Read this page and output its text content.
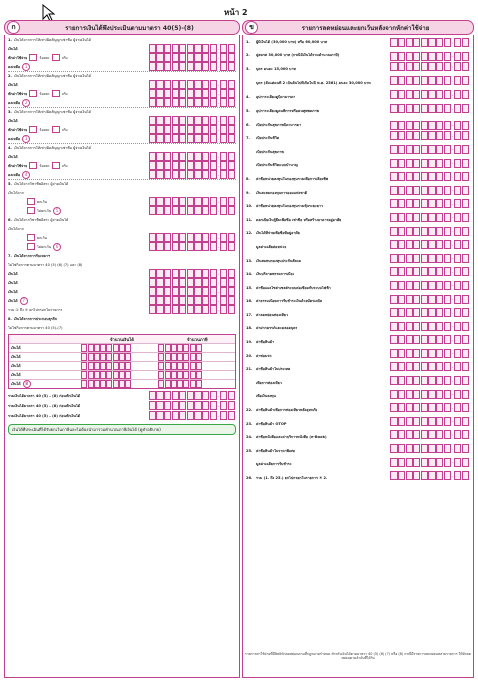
หน้า 2
ก	รายการเงินได้พึงประเมินตามมาตรา 40(5)-(8)
1. เงินได้จากการให้เช่า/ผิดสัญญาเช่าซื้อ ผู้จ่ายเงินได้
เงินได้	.
หักค่าใช้จ่าย	ร้อยละ	จริง	.
คงเหลือ	1	.
2. เงินได้จากการให้เช่า/ผิดสัญญาเช่าซื้อ ผู้จ่ายเงินได้
เงินได้	.
หักค่าใช้จ่าย	ร้อยละ	จริง	.
คงเหลือ	2	.
3. เงินได้จากการให้เช่า/ผิดสัญญาเช่าซื้อ ผู้จ่ายเงินได้
เงินได้	.
หักค่าใช้จ่าย	ร้อยละ	จริง	.
คงเหลือ	3	.
4. เงินได้จากการให้เช่า/ผิดสัญญาเช่าซื้อ ผู้จ่ายเงินได้
เงินได้	.
หักค่าใช้จ่าย	ร้อยละ	จริง	.
คงเหลือ	4	.
5. เงินได้จากวิชาชีพอิสระ ผู้จ่ายเงินได้
เงินได้จาก
ยกเว้น	.
ไม่ยกเว้น	5	.
6. เงินได้จากวิชาชีพอิสระ ผู้จ่ายเงินได้
เงินได้จาก
ยกเว้น	.
ไม่ยกเว้น	6	.
7. เงินได้จากการรับเหมาฯ
ไม่ใช่กิจการตามมาตรา 40 (5) (6) (7) และ (8)
เงินได้	.
เงินได้	.
เงินได้	.
เงินได้	7	.
รวม ① ถึง ⑦ ยกไปกรอกในรายการ	.
8. เงินได้จากการประกอบธุรกิจ
ไม่ใช่กิจการตามมาตรา 40 (5)-(7)
จำนวนเงินได้	จำนวนภาษี
เงินได้
เงินได้
เงินได้
เงินได้
เงินได้ 8
รวมเงินได้มาตรา 40 (5) – (8) ก่อนหักเงินได้	.
รวมเงินได้มาตรา 40 (5) – (8) ก่อนหักเงินได้	.
รวมเงินได้มาตรา 40 (5) – (8) ก่อนหักเงินได้	.
เงินได้ที่ประเมินที่ได้รับยกเว้นภาษีและไม่ต้องนำมารวมคำนวณภาษีเงินได้ (ดูคำอธิบาย)
ข	รายการลดหย่อนและยกเว้นหลังจากหักค่าใช้จ่าย
1.	ผู้มีเงินได้ (30,000 บาท) หรือ 60,000 บาท	.
2.	คู่สมรส 30,000 บาท (กรณีมีเงินได้รวมคำนวณภาษี)	.
3.	บุตร คนละ 15,000 บาท	.
บุตร (ตั้งแต่คนที่ 2 เป็นต้นไปที่เกิดในปี พ.ศ. 2561) คนละ 30,000 บาท	.
4.	อุปการะเลี้ยงดูบิดามารดา	.
5.	อุปการะเลี้ยงดูคนพิการหรือคนทุพพลภาพ	.
6.	เบี้ยประกันสุขภาพบิดามารดา	.
7.	เบี้ยประกันชีวิต	.
เบี้ยประกันสุขภาพ	.
เบี้ยประกันชีวิตแบบบำนาญ	.
8.	ค่าซื้อหน่วยลงทุนในกองทุนรวมเพื่อการเลี้ยงชีพ	.
9.	เงินสะสมกองทุนการออมแห่งชาติ	.
10.	ค่าซื้อหน่วยลงทุนในกองทุนรวมหุ้นระยะยาว	.
11.	ดอกเบี้ยเงินกู้ยืมเพื่อซื้อ เช่าซื้อ หรือสร้างอาคารอยู่อาศัย	.
12.	เงินได้ที่จ่ายเพื่อซื้อที่อยู่อาศัย	.
มูลค่าเฉลี่ยต่อหน่วย	.
13.	เงินสมทบกองทุนประกันสังคม	.
14.	เงินบริจาคพรรคการเมือง	.
15.	ค่าซื้อแผงโซล่าเซลล์ระบบต่อเชื่อมกับระบบไฟฟ้า	.
16.	ค่าธรรมเนียมการรับชำระเงินด้วยบัตรเดบิต	.
17.	ค่าลดหย่อนท่องเที่ยว	.
18.	ค่าฝากครรภ์และคลอดบุตร	.
19.	ค่าซื้อสินค้า	.
20.	ค่าซ่อมรถ	.
21.	ค่าซื้อสินค้าในประเทศ	.
เพื่อการท่องเที่ยว	.
เพื่อเงินลงทุน	.
22.	ค่าซื้อสินค้าเพื่อการท่องเที่ยวหลังอุทกภัย	.
23.	ค่าซื้อสินค้า OTOP	.
24.	ค่าซื้อหนังสือและค่าบริการหนังสือ (e-Book)	.
25.	ค่าซื้อสินค้าในราคาพิเศษ	.
มูลค่าเฉลี่ยการรับชำระ	.
26.	รวม (1. ถึง 25.) ยกไปกรอกในรายการ ④ 2.	.
รายการค่าใช้จ่ายที่มีสิทธิหักลดหย่อนตามที่กฎหมายกำหนด สำหรับเงินได้ตามมาตรา 40 (5) (6) (7) หรือ (8) กรณีมีรายการลดหย่อนหลายรายการ ให้หักลดหย่อนตามลำดับที่ได้รับ
